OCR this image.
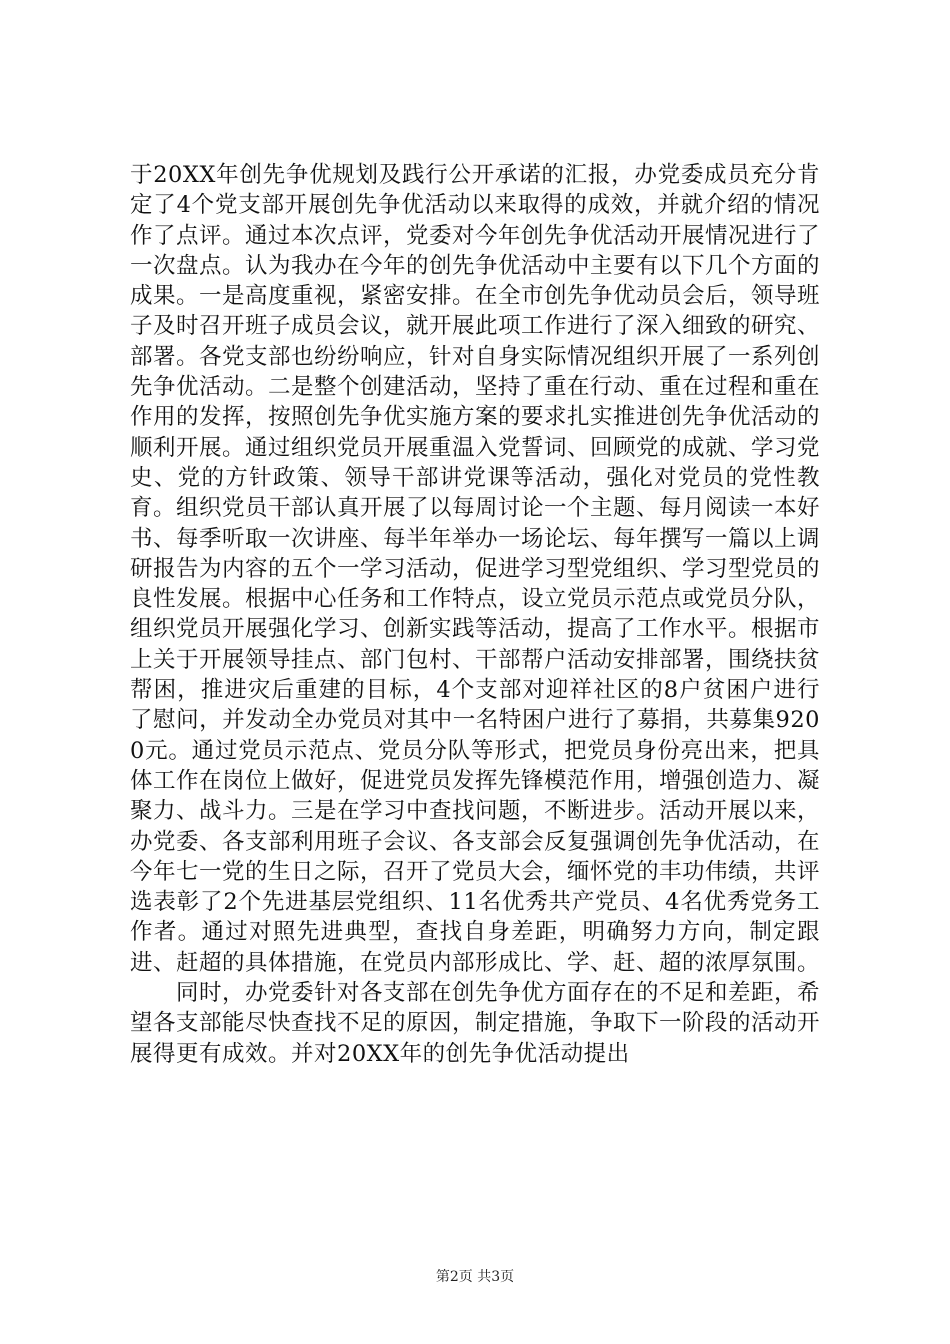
于20XX年创先争优规划及践行公开承诺的汇报，办党委成员充分肯定了4个党支部开展创先争优活动以来取得的成效，并就介绍的情况作了点评。通过本次点评，党委对今年创先争优活动开展情况进行了一次盘点。认为我办在今年的创先争优活动中主要有以下几个方面的成果。一是高度重视，紧密安排。在全市创先争优动员会后，领导班子及时召开班子成员会议，就开展此项工作进行了深入细致的研究、部署。各党支部也纷纷响应，针对自身实际情况组织开展了一系列创先争优活动。二是整个创建活动，坚持了重在行动、重在过程和重在作用的发挥，按照创先争优实施方案的要求扎实推进创先争优活动的顺利开展。通过组织党员开展重温入党誓词、回顾党的成就、学习党史、党的方针政策、领导干部讲党课等活动，强化对党员的党性教育。组织党员干部认真开展了以每周讨论一个主题、每月阅读一本好书、每季听取一次讲座、每半年举办一场论坛、每年撰写一篇以上调研报告为内容的五个一学习活动，促进学习型党组织、学习型党员的良性发展。根据中心任务和工作特点，设立党员示范点或党员分队，组织党员开展强化学习、创新实践等活动，提高了工作水平。根据市上关于开展领导挂点、部门包村、干部帮户活动安排部署，围绕扶贫帮困，推进灾后重建的目标，4个支部对迎祥社区的8户贫困户进行了慰问，并发动全办党员对其中一名特困户进行了募捐，共募集9200元。通过党员示范点、党员分队等形式，把党员身份亮出来，把具体工作在岗位上做好，促进党员发挥先锋模范作用，增强创造力、凝聚力、战斗力。三是在学习中查找问题，不断进步。活动开展以来，办党委、各支部利用班子会议、各支部会反复强调创先争优活动，在今年七一党的生日之际，召开了党员大会，缅怀党的丰功伟绩，共评选表彰了2个先进基层党组织、11名优秀共产党员、4名优秀党务工作者。通过对照先进典型，查找自身差距，明确努力方向，制定跟进、赶超的具体措施，在党员内部形成比、学、赶、超的浓厚氛围。

同时，办党委针对各支部在创先争优方面存在的不足和差距，希望各支部能尽快查找不足的原因，制定措施，争取下一阶段的活动开展得更有成效。并对20XX年的创先争优活动提出

第2页 共3页
